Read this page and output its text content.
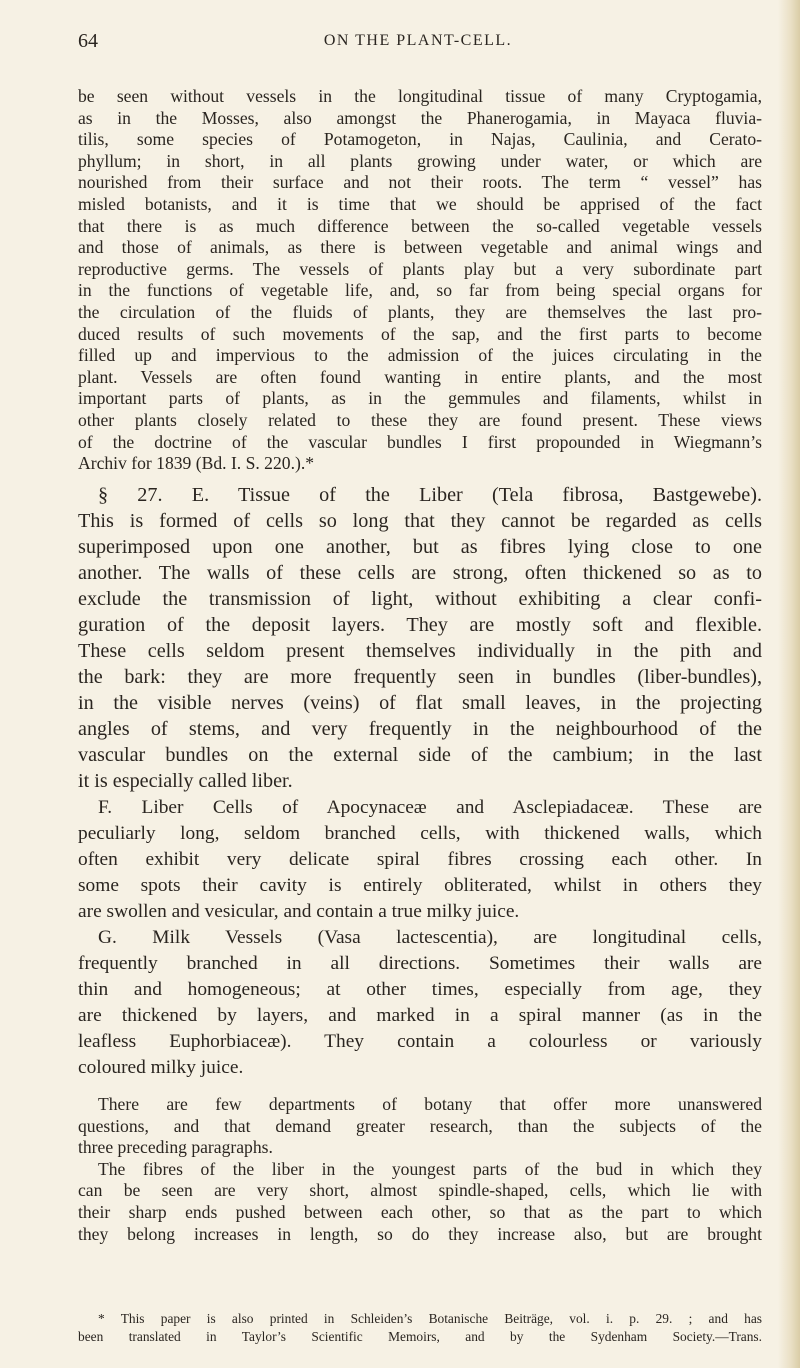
64	ON THE PLANT-CELL.
be seen without vessels in the longitudinal tissue of many Cryptogamia,
as in the Mosses, also amongst the Phanerogamia, in Mayaca fluvia-
tilis, some species of Potamogeton, in Najas, Caulinia, and Cerato-
phyllum; in short, in all plants growing under water, or which are
nourished from their surface and not their roots. The term “ vessel” has
misled botanists, and it is time that we should be apprised of the fact
that there is as much difference between the so-called vegetable vessels
and those of animals, as there is between vegetable and animal wings and
reproductive germs. The vessels of plants play but a very subordinate part
in the functions of vegetable life, and, so far from being special organs for
the circulation of the fluids of plants, they are themselves the last pro-
duced results of such movements of the sap, and the first parts to become
filled up and impervious to the admission of the juices circulating in the
plant. Vessels are often found wanting in entire plants, and the most
important parts of plants, as in the gemmules and filaments, whilst in
other plants closely related to these they are found present. These views
of the doctrine of the vascular bundles I first propounded in Wiegmann’s
Archiv for 1839 (Bd. I. S. 220.).*
§ 27. E. Tissue of the Liber (Tela fibrosa, Bastgewebe).
This is formed of cells so long that they cannot be regarded as cells
superimposed upon one another, but as fibres lying close to one
another. The walls of these cells are strong, often thickened so as to
exclude the transmission of light, without exhibiting a clear confi-
guration of the deposit layers. They are mostly soft and flexible.
These cells seldom present themselves individually in the pith and
the bark: they are more frequently seen in bundles (liber-bundles),
in the visible nerves (veins) of flat small leaves, in the projecting
angles of stems, and very frequently in the neighbourhood of the
vascular bundles on the external side of the cambium; in the last
it is especially called liber.
F. Liber Cells of Apocynaceæ and Asclepiadaceæ. These are
peculiarly long, seldom branched cells, with thickened walls, which
often exhibit very delicate spiral fibres crossing each other. In
some spots their cavity is entirely obliterated, whilst in others they
are swollen and vesicular, and contain a true milky juice.
G. Milk Vessels (Vasa lactescentia), are longitudinal cells,
frequently branched in all directions. Sometimes their walls are
thin and homogeneous; at other times, especially from age, they
are thickened by layers, and marked in a spiral manner (as in the
leafless Euphorbiaceæ). They contain a colourless or variously
coloured milky juice.
There are few departments of botany that offer more unanswered
questions, and that demand greater research, than the subjects of the
three preceding paragraphs.
The fibres of the liber in the youngest parts of the bud in which they
can be seen are very short, almost spindle-shaped, cells, which lie with
their sharp ends pushed between each other, so that as the part to which
they belong increases in length, so do they increase also, but are brought
* This paper is also printed in Schleiden’s Botanische Beiträge, vol. i. p. 29. ; and has
been translated in Taylor’s Scientific Memoirs, and by the Sydenham Society.—Trans.
